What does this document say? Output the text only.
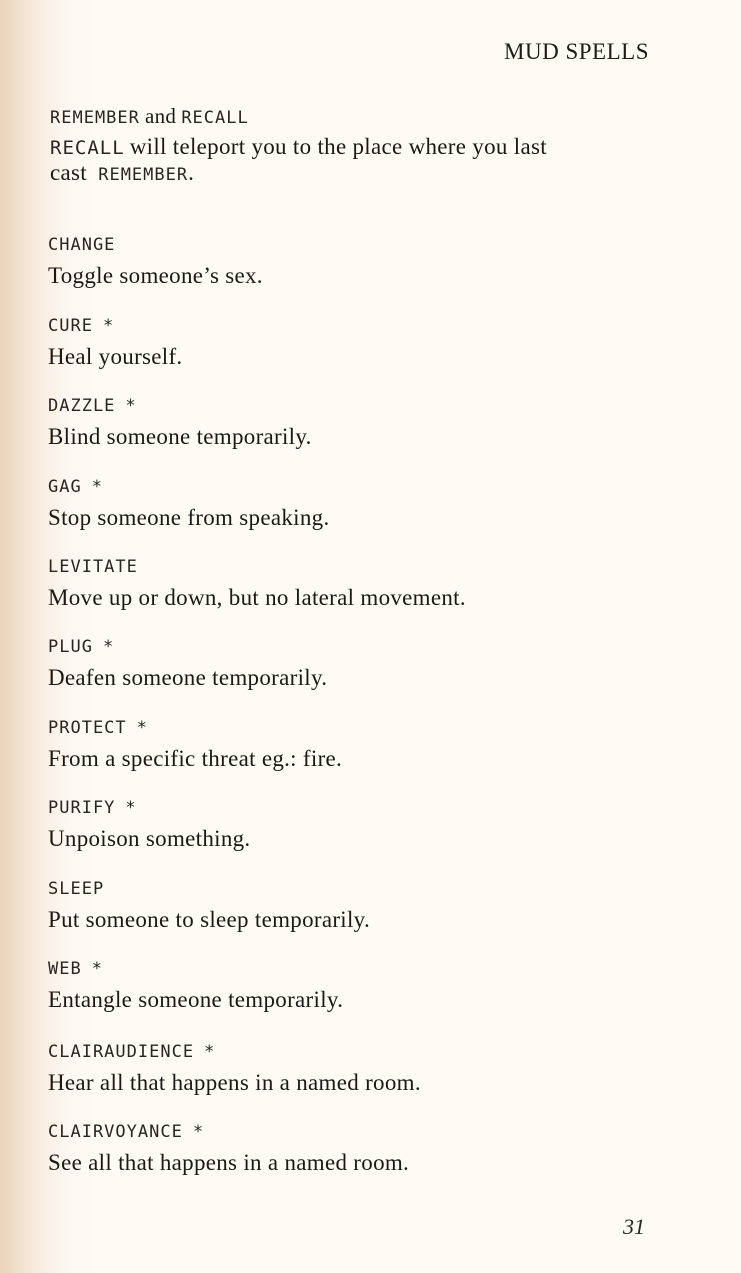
MUD SPELLS
REMEMBER and RECALL
RECALL will teleport you to the place where you last
cast REMEMBER.
CHANGE
Toggle someone’s sex.
CURE *
Heal yourself.
DAZZLE *
Blind someone temporarily.
GAG *
Stop someone from speaking.
LEVITATE
Move up or down, but no lateral movement.
PLUG *
Deafen someone temporarily.
PROTECT *
From a specific threat eg.: fire.
PURIFY *
Unpoison something.
SLEEP
Put someone to sleep temporarily.
WEB *
Entangle someone temporarily.
CLAIRAUDIENCE *
Hear all that happens in a named room.
CLAIRVOYANCE *
See all that happens in a named room.
31
